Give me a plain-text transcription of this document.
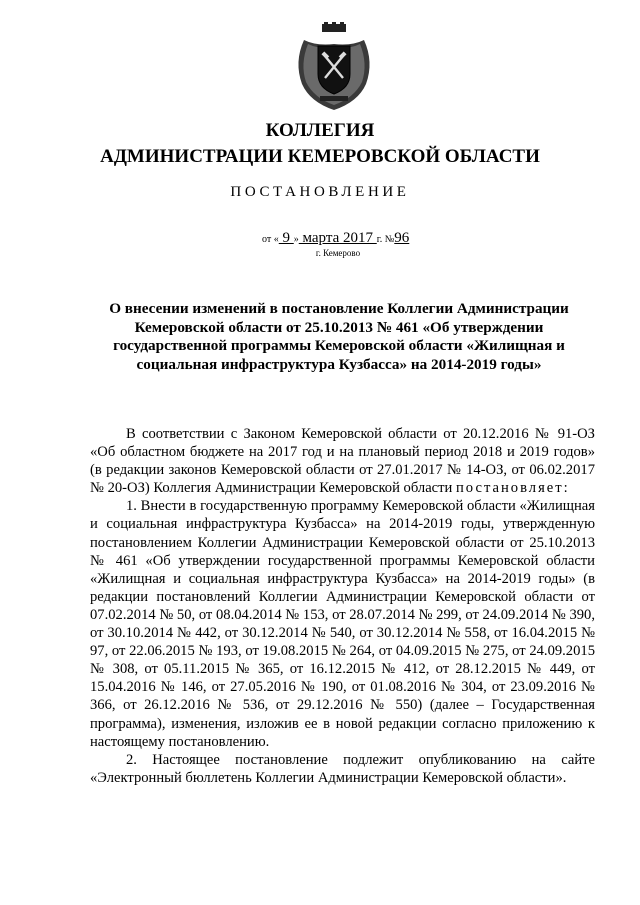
КОЛЛЕГИЯ
АДМИНИСТРАЦИИ КЕМЕРОВСКОЙ ОБЛАСТИ
ПОСТАНОВЛЕНИЕ
от « 9 » марта 2017 г. №96
г. Кемерово
О внесении изменений в постановление Коллегии Администрации Кемеровской области от 25.10.2013 № 461 «Об утверждении государственной программы Кемеровской области «Жилищная и социальная инфраструктура Кузбасса» на 2014-2019 годы»

В соответствии с Законом Кемеровской области от 20.12.2016 № 91-ОЗ «Об областном бюджете на 2017 год и на плановый период 2018 и 2019 годов» (в редакции законов Кемеровской области от 27.01.2017 № 14-ОЗ, от 06.02.2017 № 20-ОЗ) Коллегия Администрации Кемеровской области постановляет:

1. Внести в государственную программу Кемеровской области «Жилищная и социальная инфраструктура Кузбасса» на 2014-2019 годы, утвержденную постановлением Коллегии Администрации Кемеровской области от 25.10.2013 № 461 «Об утверждении государственной программы Кемеровской области «Жилищная и социальная инфраструктура Кузбасса» на 2014-2019 годы» (в редакции постановлений Коллегии Администрации Кемеровской области от 07.02.2014 № 50, от 08.04.2014 № 153, от 28.07.2014 № 299, от 24.09.2014 № 390, от 30.10.2014 № 442, от 30.12.2014 № 540, от 30.12.2014 № 558, от 16.04.2015 № 97, от 22.06.2015 № 193, от 19.08.2015 № 264, от 04.09.2015 № 275, от 24.09.2015 № 308, от 05.11.2015 № 365, от 16.12.2015 № 412, от 28.12.2015 № 449, от 15.04.2016 № 146, от 27.05.2016 № 190, от 01.08.2016 № 304, от 23.09.2016 № 366, от 26.12.2016 № 536, от 29.12.2016 № 550) (далее – Государственная программа), изменения, изложив ее в новой редакции согласно приложению к настоящему постановлению.

2. Настоящее постановление подлежит опубликованию на сайте «Электронный бюллетень Коллегии Администрации Кемеровской области».
